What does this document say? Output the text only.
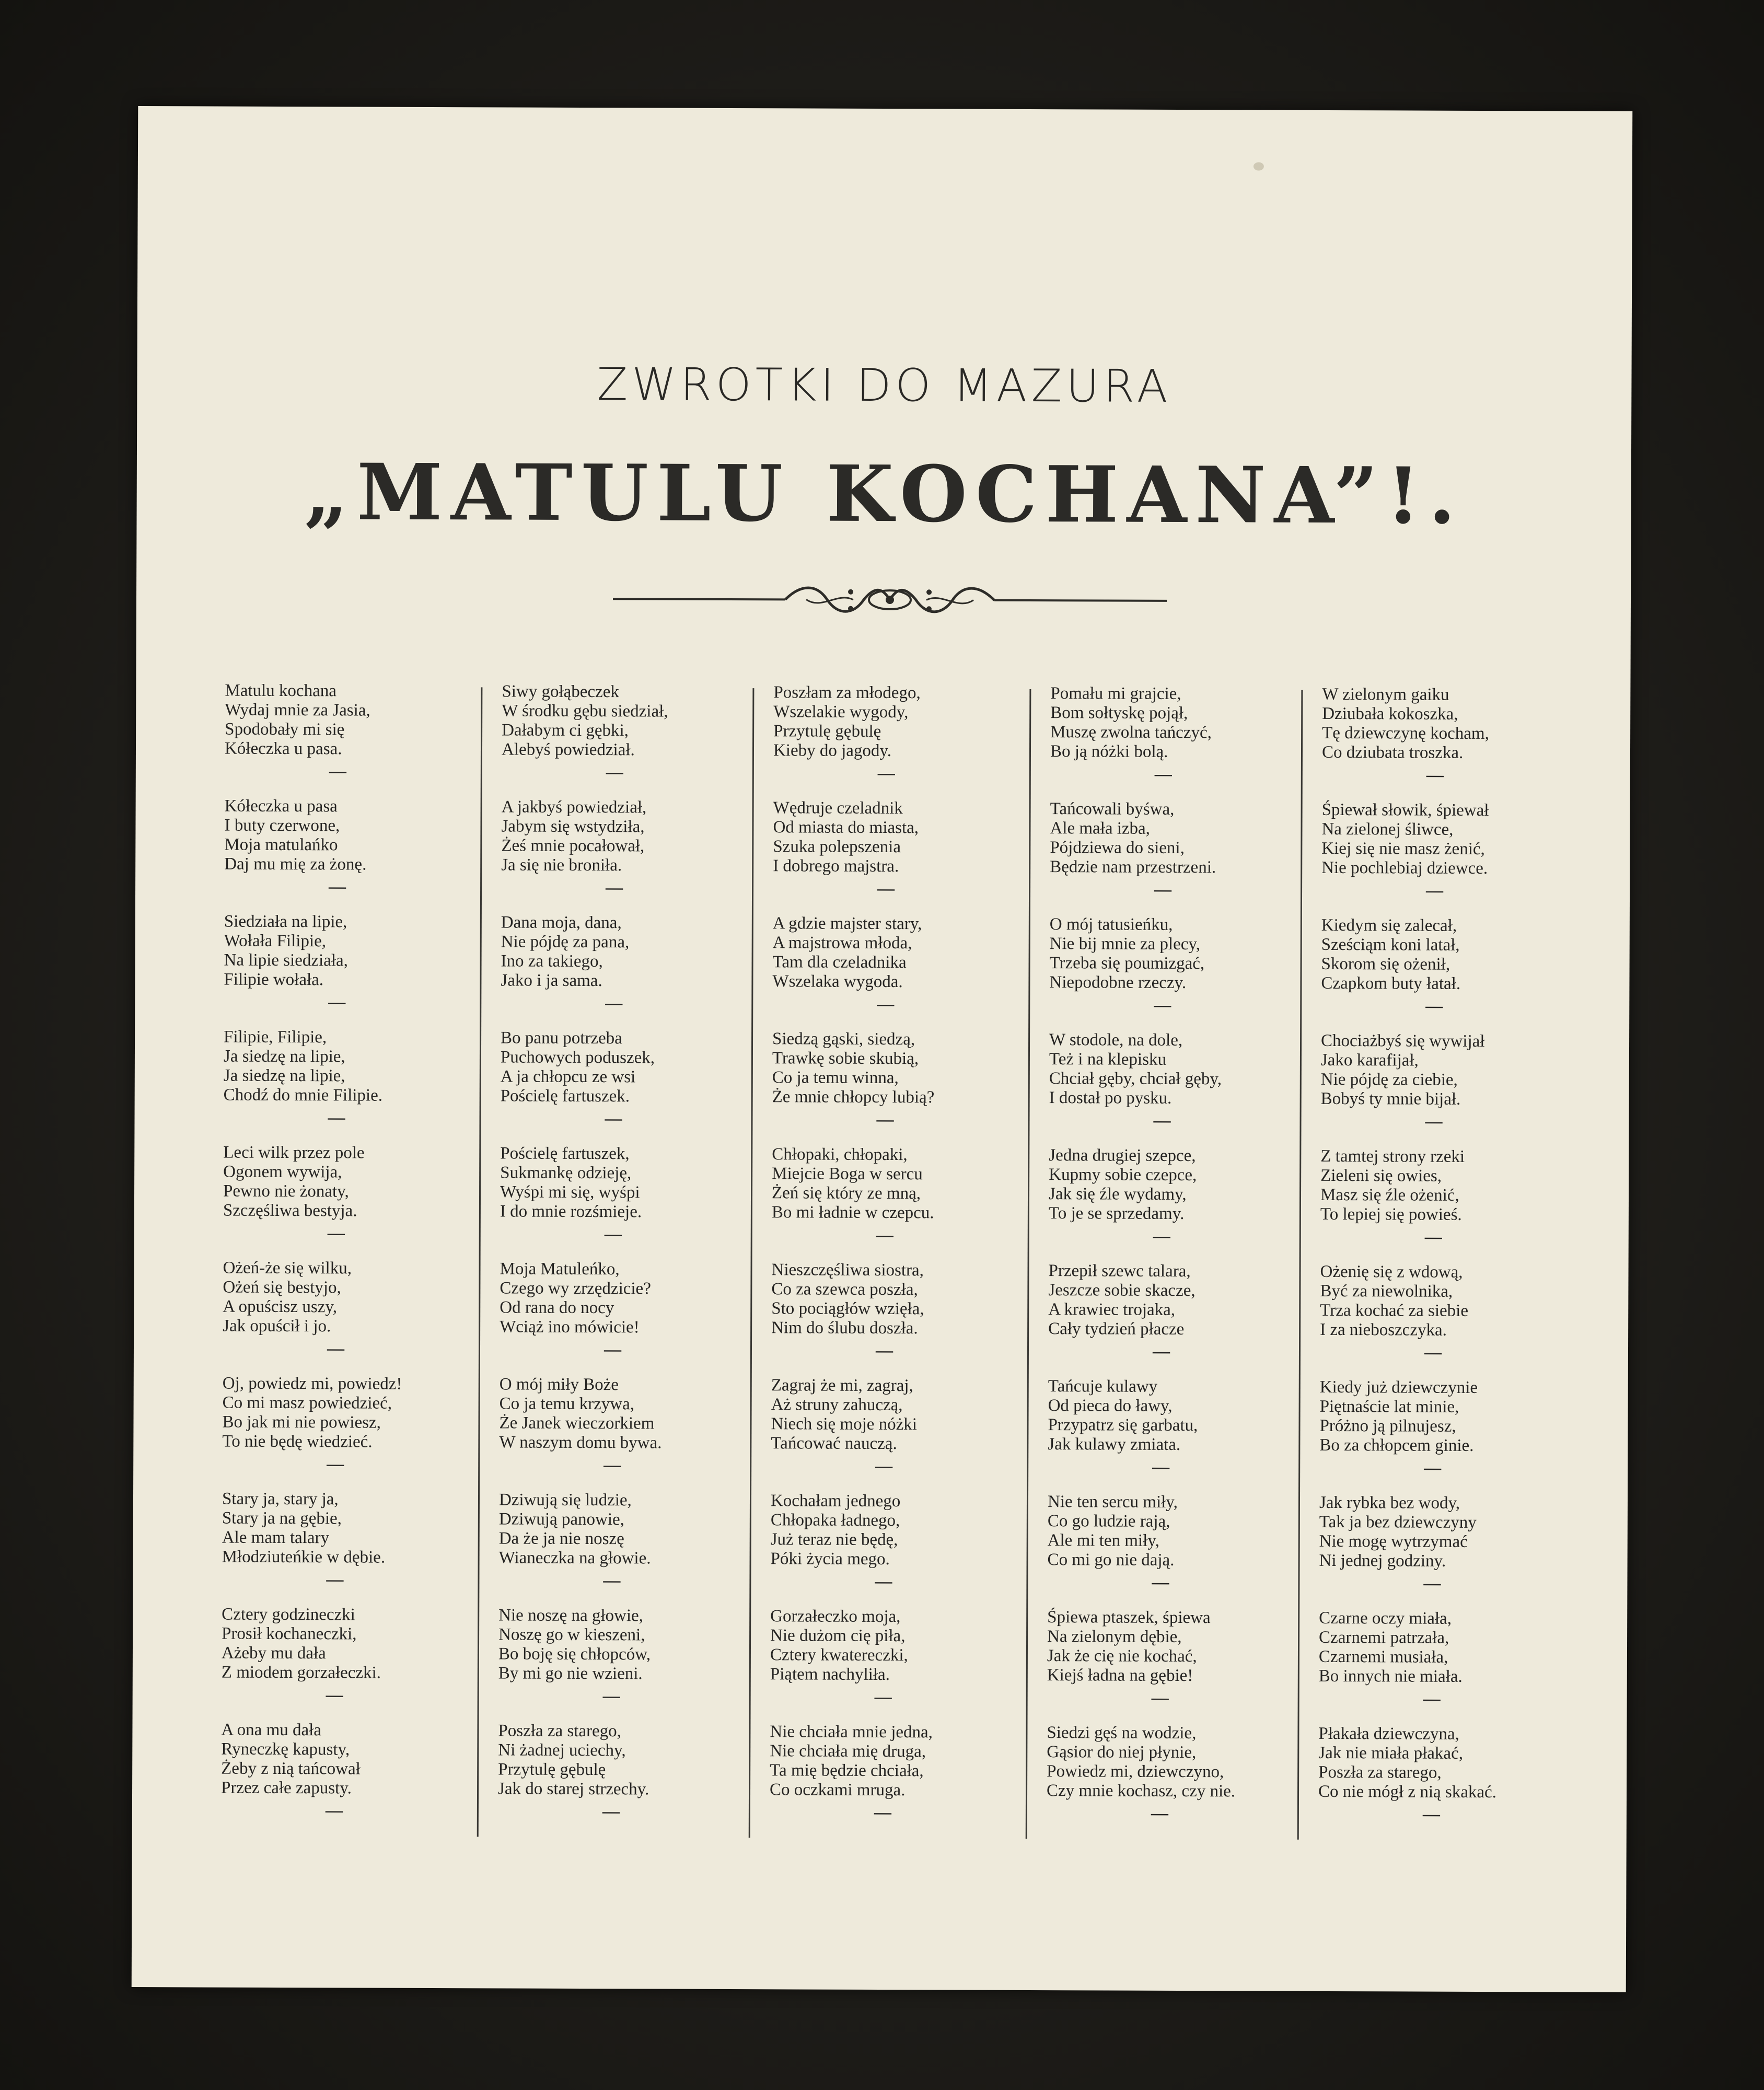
ZWROTKI DO MAZURA
„MATULU KOCHANA”!.
Matulu kochana
Wydaj mnie za Jasia,
Spodobały mi się
Kółeczka u pasa.
—
Kółeczka u pasa
I buty czerwone,
Moja matulańko
Daj mu mię za żonę.
—
Siedziała na lipie,
Wołała Filipie,
Na lipie siedziała,
Filipie wołała.
—
Filipie, Filipie,
Ja siedzę na lipie,
Ja siedzę na lipie,
Chodź do mnie Filipie.
—
Leci wilk przez pole
Ogonem wywija,
Pewno nie żonaty,
Szczęśliwa bestyja.
—
Ożeń-że się wilku,
Ożeń się bestyjo,
A opuścisz uszy,
Jak opuścił i jo.
—
Oj, powiedz mi, powiedz!
Co mi masz powiedzieć,
Bo jak mi nie powiesz,
To nie będę wiedzieć.
—
Stary ja, stary ja,
Stary ja na gębie,
Ale mam talary
Młodziuteńkie w dębie.
—
Cztery godzineczki
Prosił kochaneczki,
Ażeby mu dała
Z miodem gorzałeczki.
—
A ona mu dała
Ryneczkę kapusty,
Żeby z nią tańcował
Przez całe zapusty.
—
Siwy gołąbeczek
W środku gębu siedział,
Dałabym ci gębki,
Alebyś powiedział.
—
A jakbyś powiedział,
Jabym się wstydziła,
Żeś mnie pocałował,
Ja się nie broniła.
—
Dana moja, dana,
Nie pójdę za pana,
Ino za takiego,
Jako i ja sama.
—
Bo panu potrzeba
Puchowych poduszek,
A ja chłopcu ze wsi
Pościelę fartuszek.
—
Pościelę fartuszek,
Sukmankę odzieję,
Wyśpi mi się, wyśpi
I do mnie rozśmieje.
—
Moja Matuleńko,
Czego wy zrzędzicie?
Od rana do nocy
Wciąż ino mówicie!
—
O mój miły Boże
Co ja temu krzywa,
Że Janek wieczorkiem
W naszym domu bywa.
—
Dziwują się ludzie,
Dziwują panowie,
Da że ja nie noszę
Wianeczka na głowie.
—
Nie noszę na głowie,
Noszę go w kieszeni,
Bo boję się chłopców,
By mi go nie wzieni.
—
Poszła za starego,
Ni żadnej uciechy,
Przytulę gębulę
Jak do starej strzechy.
—
Poszłam za młodego,
Wszelakie wygody,
Przytulę gębulę
Kieby do jagody.
—
Wędruje czeladnik
Od miasta do miasta,
Szuka polepszenia
I dobrego majstra.
—
A gdzie majster stary,
A majstrowa młoda,
Tam dla czeladnika
Wszelaka wygoda.
—
Siedzą gąski, siedzą,
Trawkę sobie skubią,
Co ja temu winna,
Że mnie chłopcy lubią?
—
Chłopaki, chłopaki,
Miejcie Boga w sercu
Żeń się który ze mną,
Bo mi ładnie w czepcu.
—
Nieszczęśliwa siostra,
Co za szewca poszła,
Sto pociągłów wzięła,
Nim do ślubu doszła.
—
Zagraj że mi, zagraj,
Aż struny zahuczą,
Niech się moje nóżki
Tańcować nauczą.
—
Kochałam jednego
Chłopaka ładnego,
Już teraz nie będę,
Póki życia mego.
—
Gorzałeczko moja,
Nie dużom cię piła,
Cztery kwatereczki,
Piątem nachyliła.
—
Nie chciała mnie jedna,
Nie chciała mię druga,
Ta mię będzie chciała,
Co oczkami mruga.
—
Pomału mi grajcie,
Bom sołtyskę pojął,
Muszę zwolna tańczyć,
Bo ją nóżki bolą.
—
Tańcowali byśwa,
Ale mała izba,
Pójdziewa do sieni,
Będzie nam przestrzeni.
—
O mój tatusieńku,
Nie bij mnie za plecy,
Trzeba się poumizgać,
Niepodobne rzeczy.
—
W stodole, na dole,
Też i na klepisku
Chciał gęby, chciał gęby,
I dostał po pysku.
—
Jedna drugiej szepce,
Kupmy sobie czepce,
Jak się źle wydamy,
To je se sprzedamy.
—
Przepił szewc talara,
Jeszcze sobie skacze,
A krawiec trojaka,
Cały tydzień płacze
—
Tańcuje kulawy
Od pieca do ławy,
Przypatrz się garbatu,
Jak kulawy zmiata.
—
Nie ten sercu miły,
Co go ludzie rają,
Ale mi ten miły,
Co mi go nie dają.
—
Śpiewa ptaszek, śpiewa
Na zielonym dębie,
Jak że cię nie kochać,
Kiejś ładna na gębie!
—
Siedzi gęś na wodzie,
Gąsior do niej płynie,
Powiedz mi, dziewczyno,
Czy mnie kochasz, czy nie.
—
W zielonym gaiku
Dziubała kokoszka,
Tę dziewczynę kocham,
Co dziubata troszka.
—
Śpiewał słowik, śpiewał
Na zielonej śliwce,
Kiej się nie masz żenić,
Nie pochlebiaj dziewce.
—
Kiedym się zalecał,
Sześciąm koni latał,
Skorom się ożenił,
Czapkom buty łatał.
—
Chociażbyś się wywijał
Jako karafijał,
Nie pójdę za ciebie,
Bobyś ty mnie bijał.
—
Z tamtej strony rzeki
Zieleni się owies,
Masz się źle ożenić,
To lepiej się powieś.
—
Ożenię się z wdową,
Być za niewolnika,
Trza kochać za siebie
I za nieboszczyka.
—
Kiedy już dziewczynie
Piętnaście lat minie,
Próżno ją pilnujesz,
Bo za chłopcem ginie.
—
Jak rybka bez wody,
Tak ja bez dziewczyny
Nie mogę wytrzymać
Ni jednej godziny.
—
Czarne oczy miała,
Czarnemi patrzała,
Czarnemi musiała,
Bo innych nie miała.
—
Płakała dziewczyna,
Jak nie miała płakać,
Poszła za starego,
Co nie mógł z nią skakać.
—
